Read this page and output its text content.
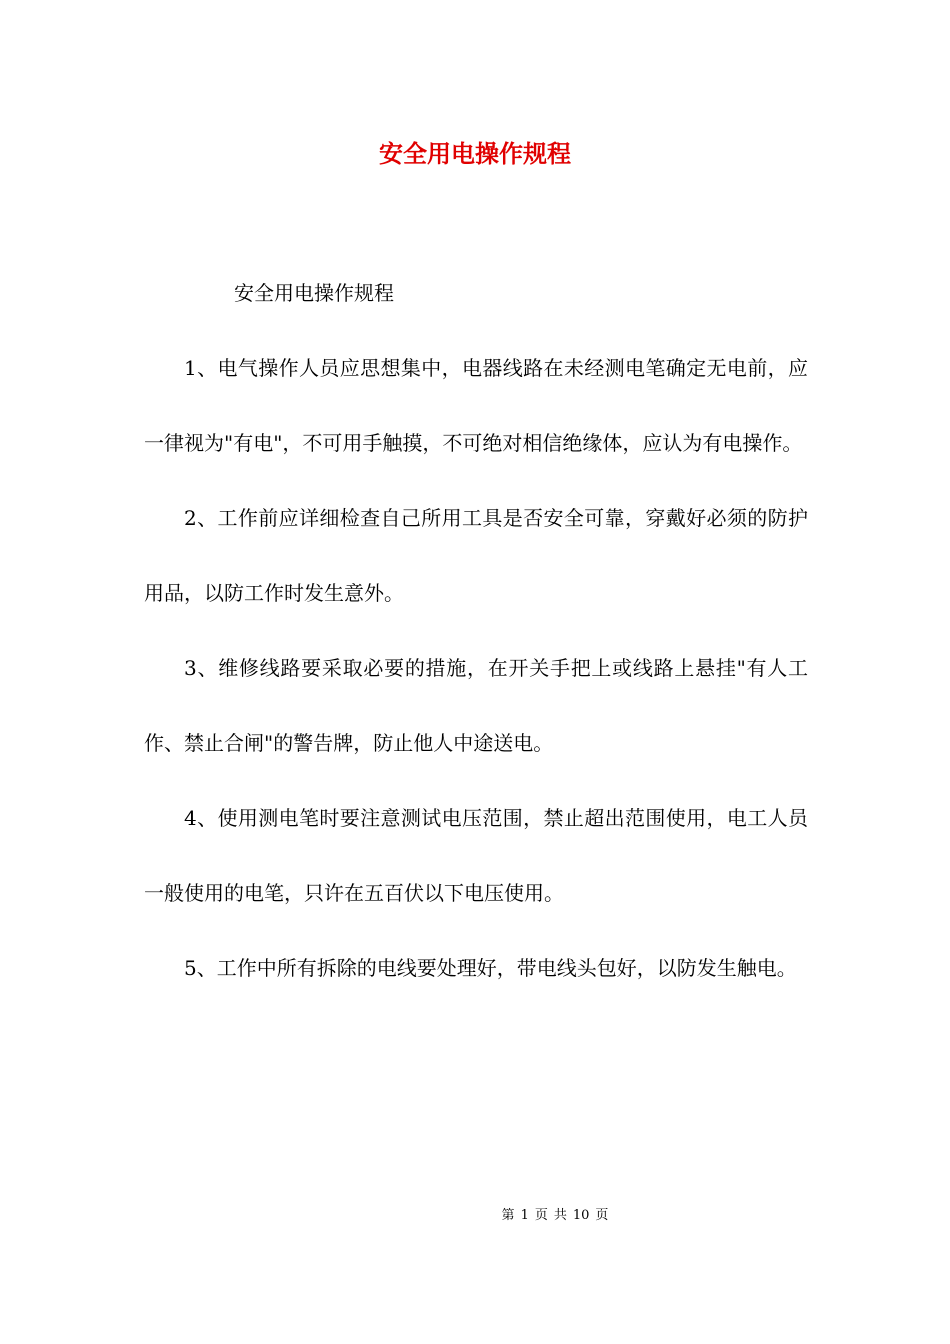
安全用电操作规程
安全用电操作规程

1、电气操作人员应思想集中，电器线路在未经测电笔确定无电前，应一律视为"有电"，不可用手触摸，不可绝对相信绝缘体，应认为有电操作。

2、工作前应详细检查自己所用工具是否安全可靠，穿戴好必须的防护用品，以防工作时发生意外。

3、维修线路要采取必要的措施，在开关手把上或线路上悬挂"有人工作、禁止合闸"的警告牌，防止他人中途送电。

4、使用测电笔时要注意测试电压范围，禁止超出范围使用，电工人员一般使用的电笔，只许在五百伏以下电压使用。

5、工作中所有拆除的电线要处理好，带电线头包好，以防发生触电。

第 1 页 共 10 页
